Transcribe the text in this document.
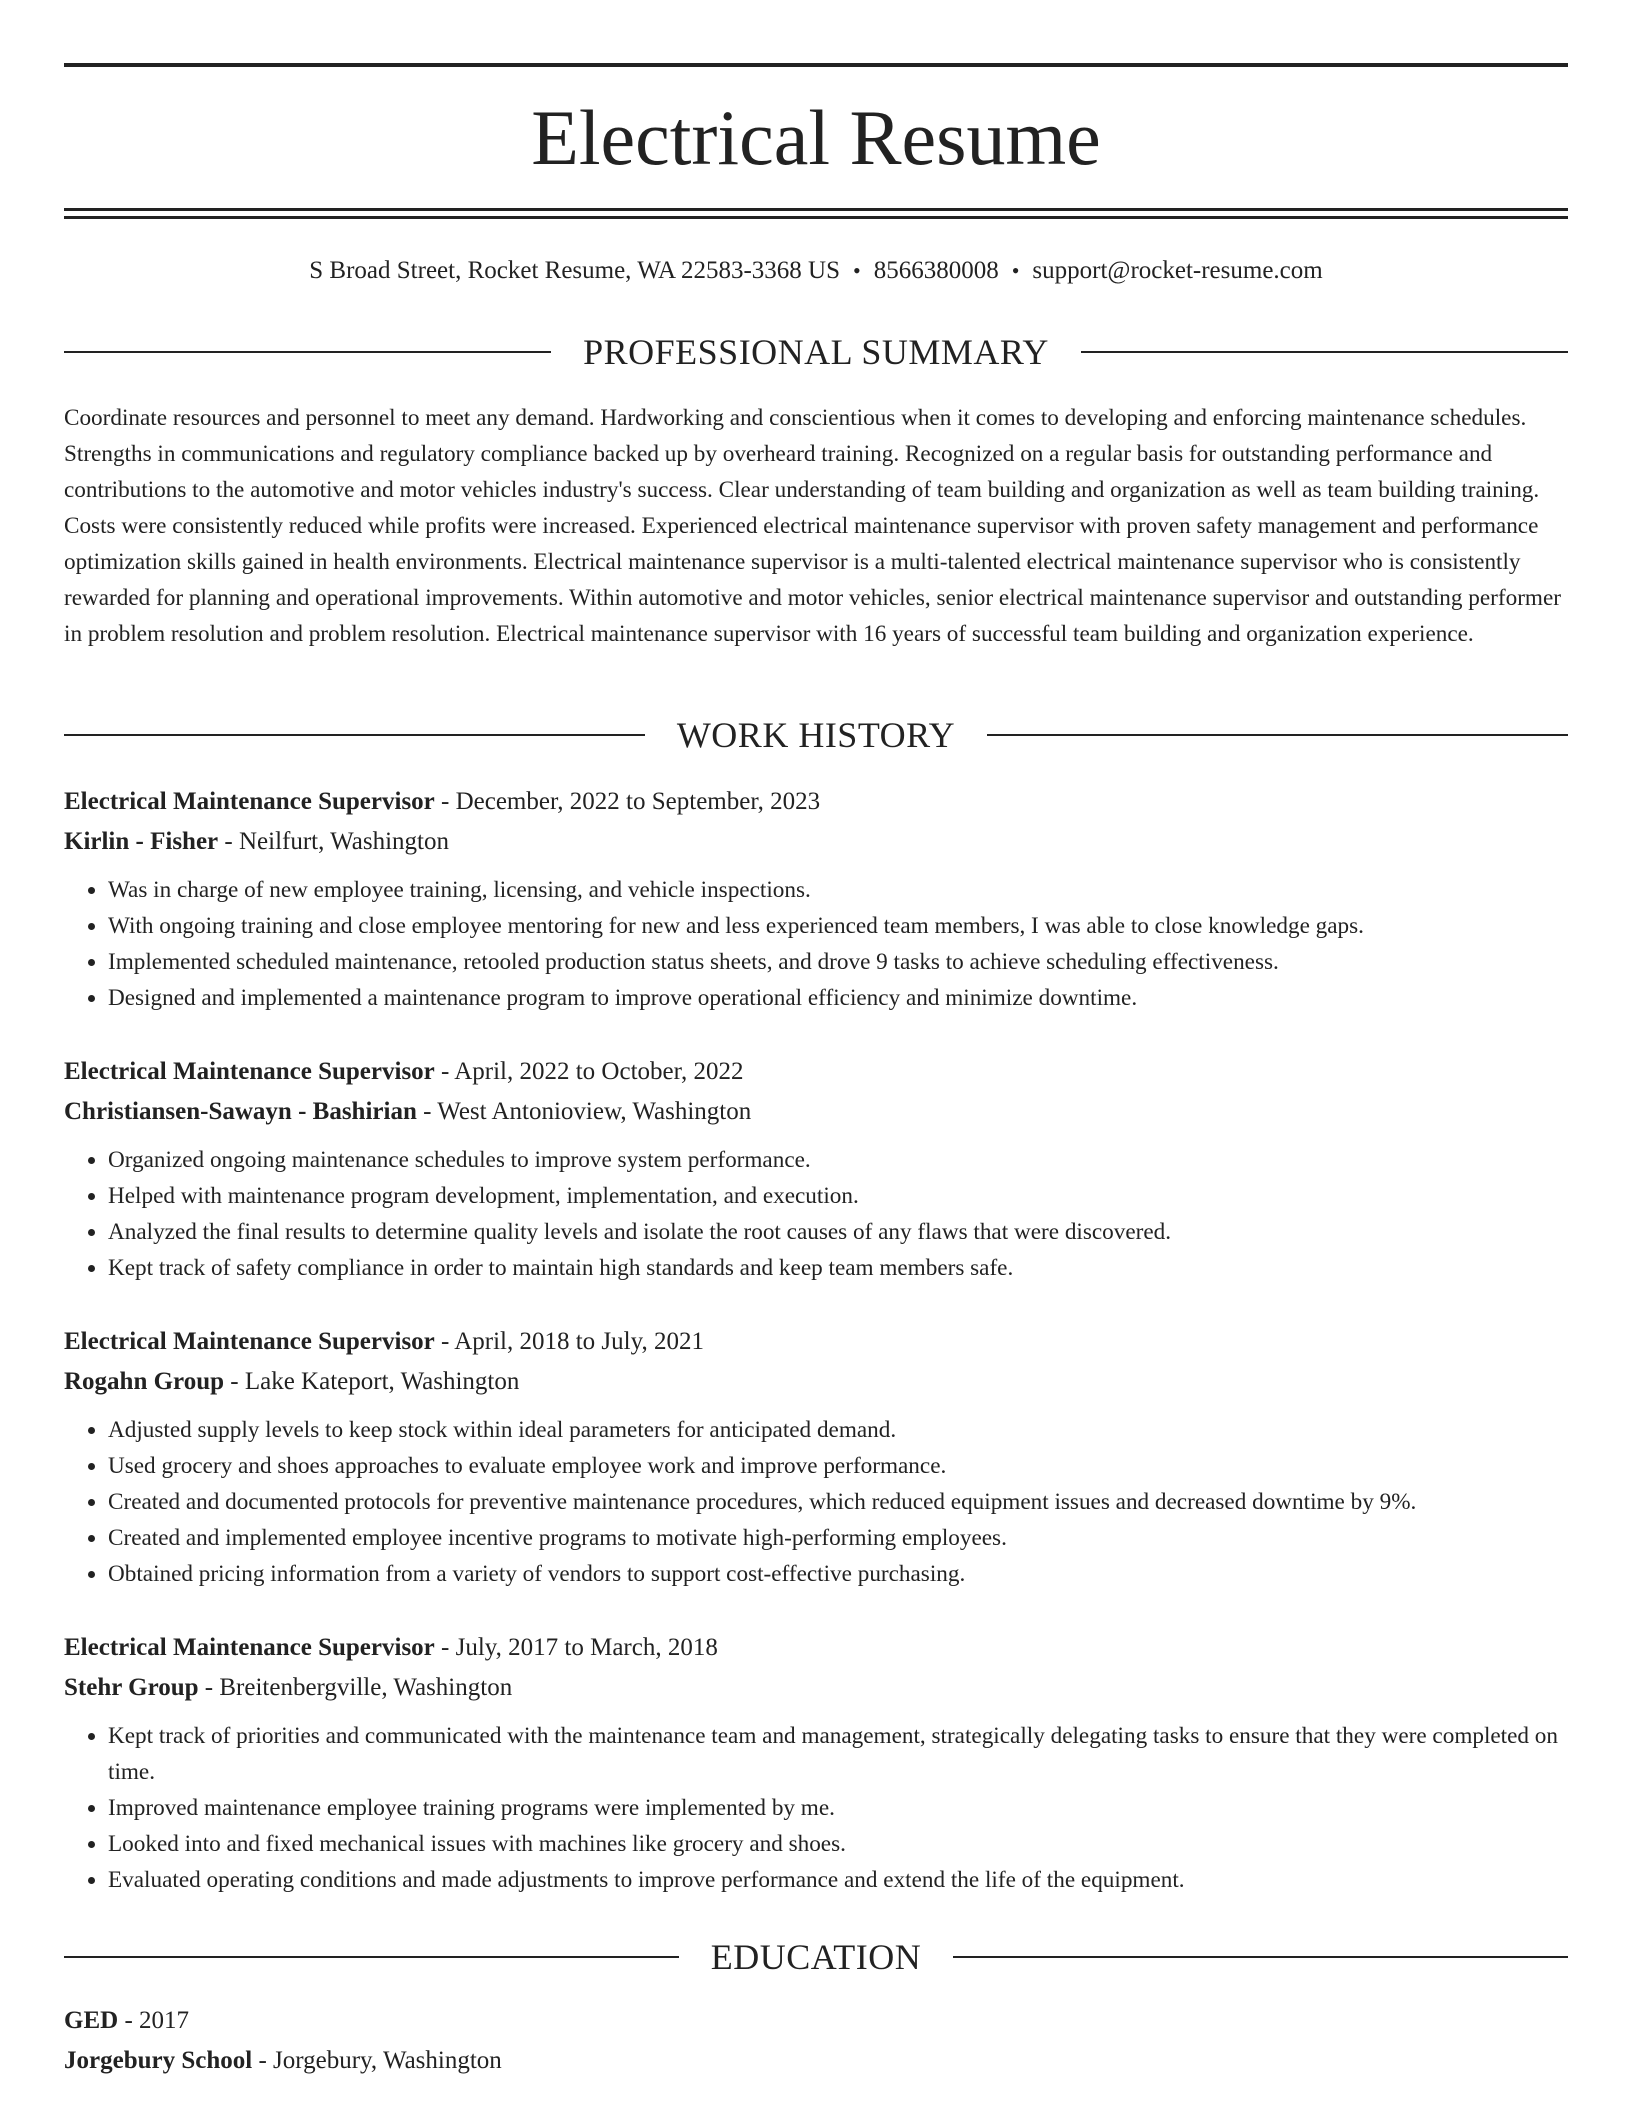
Electrical Resume
S Broad Street, Rocket Resume, WA 22583-3368 US • 8566380008 • support@rocket-resume.com
PROFESSIONAL SUMMARY

Coordinate resources and personnel to meet any demand. Hardworking and conscientious when it comes to developing and enforcing maintenance schedules. Strengths in communications and regulatory compliance backed up by overheard training. Recognized on a regular basis for outstanding performance and contributions to the automotive and motor vehicles industry's success. Clear understanding of team building and organization as well as team building training. Costs were consistently reduced while profits were increased. Experienced electrical maintenance supervisor with proven safety management and performance optimization skills gained in health environments. Electrical maintenance supervisor is a multi-talented electrical maintenance supervisor who is consistently rewarded for planning and operational improvements. Within automotive and motor vehicles, senior electrical maintenance supervisor and outstanding performer in problem resolution and problem resolution. Electrical maintenance supervisor with 16 years of successful team building and organization experience.

WORK HISTORY
Electrical Maintenance Supervisor - December, 2022 to September, 2023
Kirlin - Fisher - Neilfurt, Washington
• Was in charge of new employee training, licensing, and vehicle inspections.
• With ongoing training and close employee mentoring for new and less experienced team members, I was able to close knowledge gaps.
• Implemented scheduled maintenance, retooled production status sheets, and drove 9 tasks to achieve scheduling effectiveness.
• Designed and implemented a maintenance program to improve operational efficiency and minimize downtime.
Electrical Maintenance Supervisor - April, 2022 to October, 2022
Christiansen-Sawayn - Bashirian - West Antonioview, Washington
• Organized ongoing maintenance schedules to improve system performance.
• Helped with maintenance program development, implementation, and execution.
• Analyzed the final results to determine quality levels and isolate the root causes of any flaws that were discovered.
• Kept track of safety compliance in order to maintain high standards and keep team members safe.
Electrical Maintenance Supervisor - April, 2018 to July, 2021
Rogahn Group - Lake Kateport, Washington
• Adjusted supply levels to keep stock within ideal parameters for anticipated demand.
• Used grocery and shoes approaches to evaluate employee work and improve performance.
• Created and documented protocols for preventive maintenance procedures, which reduced equipment issues and decreased downtime by 9%.
• Created and implemented employee incentive programs to motivate high-performing employees.
• Obtained pricing information from a variety of vendors to support cost-effective purchasing.
Electrical Maintenance Supervisor - July, 2017 to March, 2018
Stehr Group - Breitenbergville, Washington
• Kept track of priorities and communicated with the maintenance team and management, strategically delegating tasks to ensure that they were completed on time.
• Improved maintenance employee training programs were implemented by me.
• Looked into and fixed mechanical issues with machines like grocery and shoes.
• Evaluated operating conditions and made adjustments to improve performance and extend the life of the equipment.
EDUCATION
GED - 2017
Jorgebury School - Jorgebury, Washington
